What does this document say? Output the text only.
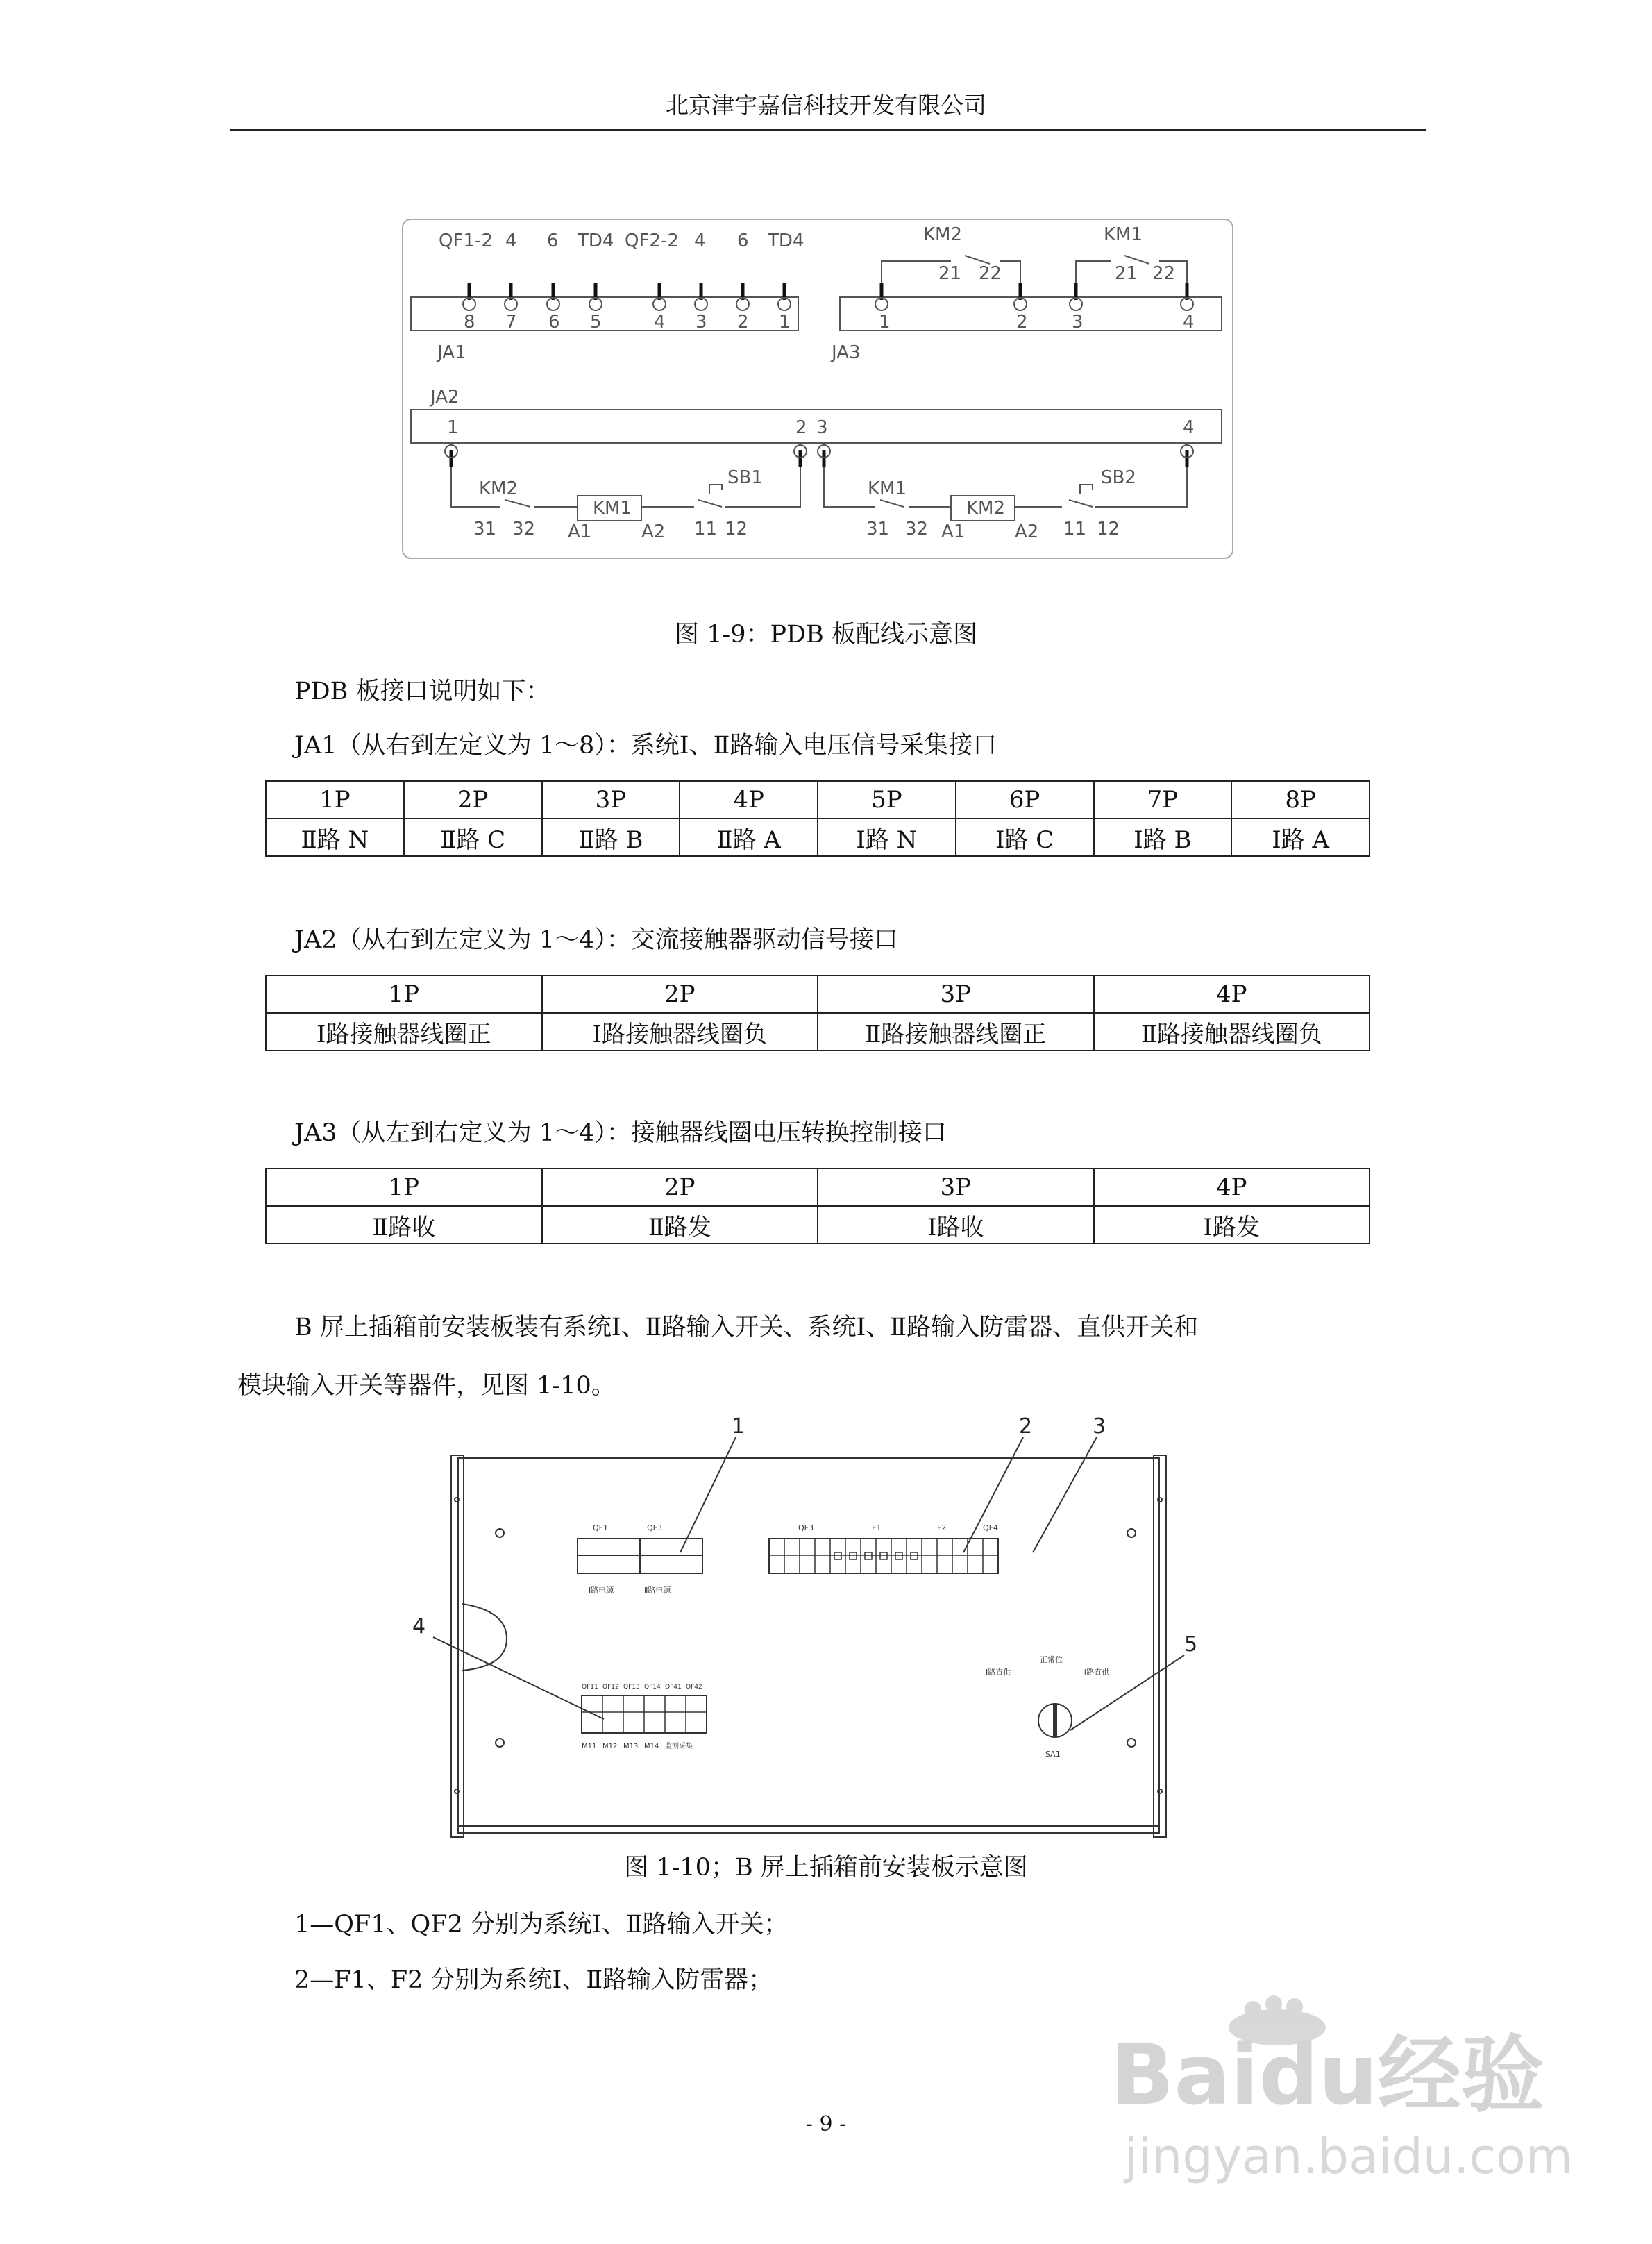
北京津宇嘉信科技开发有限公司
QF1-2 4 6 TD4 QF2-2 4 6 TD4
8 7 6 5	4 3 2 1
JA1	JA3
KM2	KM1
21 22	21 22
1	2 3	4
JA2
1	2 3	4
KM2
KM1
SB1
31 32 A1	A2 11 12
KM1
KM2
SB2
31 32 A1	A2 11 12
图 1-9：PDB 板配线示意图
PDB 板接口说明如下：
JA1（从右到左定义为 1～8）：系统Ⅰ、Ⅱ路输入电压信号采集接口
1P	2P	3P	4P	5P	6P	7P	8P
Ⅱ路 N	Ⅱ路 C	Ⅱ路 B	Ⅱ路 A	Ⅰ路 N	Ⅰ路 C	Ⅰ路 B	Ⅰ路 A
JA2（从右到左定义为 1～4）：交流接触器驱动信号接口
1P	2P	3P	4P
Ⅰ路接触器线圈正	Ⅰ路接触器线圈负	Ⅱ路接触器线圈正	Ⅱ路接触器线圈负
JA3（从左到右定义为 1～4）：接触器线圈电压转换控制接口
1P	2P	3P	4P
Ⅱ路收	Ⅱ路发	Ⅰ路收	Ⅰ路发
B 屏上插箱前安装板装有系统Ⅰ、Ⅱ路输入开关、系统Ⅰ、Ⅱ路输入防雷器、直供开关和
模块输入开关等器件，见图 1-10。
1	2	3
4
5
QF1	QF3
Ⅰ路电源	Ⅱ路电源
QF3	F1	F2	QF4
QF11 QF12 QF13 QF14 QF41 QF42
M11 M12 M13 M14 监测采集
正常位
Ⅰ路直供	Ⅱ路直供
SA1
图 1-10；B 屏上插箱前安装板示意图
1—QF1、QF2 分别为系统Ⅰ、Ⅱ路输入开关；
2—F1、F2 分别为系统Ⅰ、Ⅱ路输入防雷器；
Baidu经验
jingyan.baidu.com
- 9 -
